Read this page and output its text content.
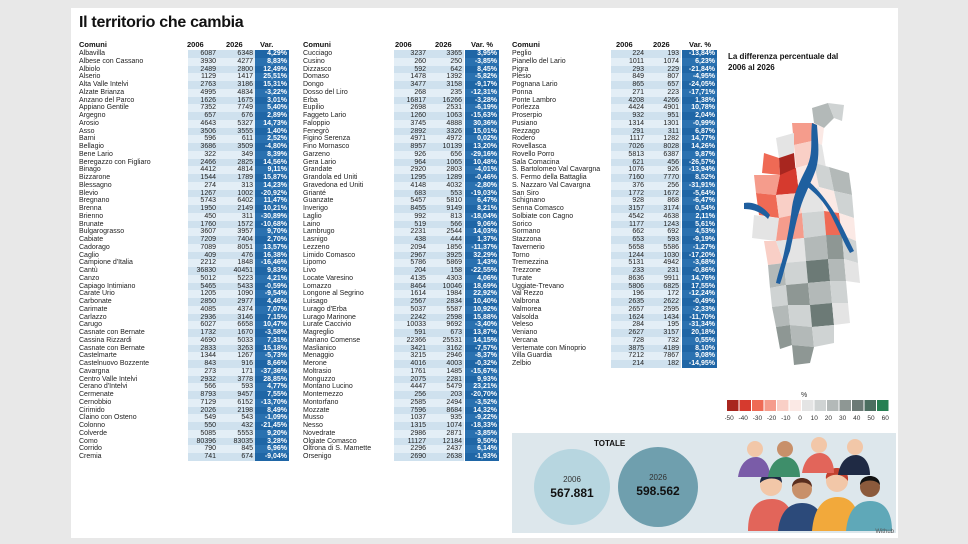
Il territorio che cambia
Comuni	2006	2026 Var.
Albavilla	6087	6348	4,29%
Albese con Cassano	3930	4277	8,83%
Albiolo	2489	2800	12,49%
Alserio	1129	1417	25,51%
Alta Valle Intelvi	2763	3186	15,31%
Alzate Brianza	4995	4834	-3,22%
Anzano del Parco	1626	1675	3,01%
Appiano Gentile	7352	7749	5,40%
Argegno	657	676	2,89%
Arosio	4643	5327	14,73%
Asso	3506	3555	1,40%
Barni	596	611	2,52%
Bellagio	3686	3509	-4,80%
Bene Lario	322	349	8,39%
Beregazzo con Figliaro	2466	2825	14,56%
Binago	4412	4814	9,11%
Bizzarone	1544	1789	15,87%
Blessagno	274	313	14,23%
Blevio	1267	1002	-20,92%
Bregnano	5743	6402	11,47%
Brenna	1950	2149	10,21%
Brienno	450	311	-30,89%
Brunate	1760	1572	-10,68%
Bulgarograsso	3607	3957	9,70%
Cabiate	7209	7404	2,70%
Cadorago	7089	8051	13,57%
Caglio	409	476	16,38%
Campione d'Italia	2212	1848	-16,46%
Cantù	36830	40451	9,83%
Canzo	5012	5223	4,21%
Capiago Intimiano	5465	5433	-0,59%
Carate Urio	1205	1090	-9,54%
Carbonate	2850	2977	4,46%
Carimate	4085	4374	7,07%
Carlazzo	2936	3146	7,15%
Carugo	6027	6658	10,47%
Casnate con Bernate	1732	1670	-3,58%
Cassina Rizzardi	4690	5033	7,31%
Casnate con Bernate	2833	3263	15,18%
Castelmarte	1344	1267	-5,73%
Castelnuovo Bozzente	843	916	8,66%
Cavargna	273	171	-37,36%
Centro Valle Intelvi	2932	3778	28,85%
Cerano d'Intelvi	566	593	4,77%
Cermenate	8793	9457	7,55%
Cernobbio	7129	6152	-13,70%
Cirimido	2026	2198	8,49%
Claino con Osteno	549	543	-1,09%
Colonno	550	432	-21,45%
Colverde	5085	5553	9,20%
Como	80396	83035	3,28%
Corrido	790	845	6,96%
Cremia	741	674	-9,04%
Comuni	2006	2026	Var. %
Cucciago	3237	3365	3,95%
Cusino	260	250	-3,85%
Dizzasco	592	642	8,45%
Domaso	1478	1392	-5,82%
Dongo	3477	3158	-9,17%
Dosso del Liro	268	235	-12,31%
Erba	16817	16266	-3,28%
Eupilio	2698	2531	-6,19%
Faggeto Lario	1260	1063	-15,63%
Faloppio	3745	4888	30,36%
Fenegrò	2892	3326	15,01%
Figino Serenza	4971	4972	0,02%
Fino Mornasco	8957	10139	13,20%
Garzeno	926	656	-29,16%
Gera Lario	964	1065	10,48%
Grandate	2920	2803	-4,01%
Grandola ed Uniti	1295	1289	-0,46%
Gravedona ed Uniti	4148	4032	-2,80%
Grianté	683	553	-19,03%
Guanzate	5457	5810	6,47%
Inverigo	8455	9149	8,21%
Laglio	992	813	-18,04%
Laino	519	566	9,06%
Lambrugo	2231	2544	14,03%
Lasnigo	438	444	1,37%
Lezzeno	2094	1856	-11,37%
Limido Comasco	2967	3925	32,29%
Lipomo	5786	5869	1,43%
Livo	204	158	-22,55%
Locate Varesino	4135	4303	4,06%
Lomazzo	8464	10046	18,69%
Longone al Segrino	1614	1984	22,92%
Luisago	2567	2834	10,40%
Lurago d'Erba	5037	5587	10,92%
Lurago Marinone	2242	2598	15,88%
Lurate Caccivio	10033	9692	-3,40%
Magreglio	591	673	13,87%
Mariano Comense	22366	25531	14,15%
Maslianico	3421	3162	-7,57%
Menaggio	3215	2946	-8,37%
Merone	4016	4003	-0,32%
Moltrasio	1761	1485	-15,67%
Monguzzo	2075	2281	9,93%
Montano Lucino	4447	5479	23,21%
Montemezzo	256	203	-20,70%
Montorfano	2585	2494	-3,52%
Mozzate	7596	8684	14,32%
Musso	1037	935	-9,22%
Nesso	1315	1074	-18,33%
Novedrate	2986	2871	-3,85%
Olgiate Comasco	11127	12184	9,50%
Oltrona di S. Mamette	2296	2437	6,14%
Orsenigo	2690	2638	-1,93%
Comuni	2006	2026	Var. %
Peglio	224	193	-13,84%
Pianello del Lario	1011	1074	6,23%
Pigra	293	229	-21,84%
Plesio	849	807	-4,95%
Pognana Lario	865	657	-24,05%
Ponna	271	223	-17,71%
Ponte Lambro	4208	4266	1,38%
Porlezza	4424	4901	10,78%
Proserpio	932	951	2,04%
Pusiano	1314	1301	-0,99%
Rezzago	291	311	6,87%
Rodero	1117	1282	14,77%
Rovellasca	7026	8028	14,26%
Rovello Porro	5813	6387	9,87%
Sala Comacina	621	456	-26,57%
S. Bartolomeo Val Cavargna	1076	926	-13,94%
S. Fermo della Battaglia	7160	7770	8,52%
S. Nazzaro Val Cavargna	376	256	-31,91%
San Siro	1772	1672	-5,64%
Schignano	928	868	-6,47%
Senna Comasco	3157	3174	0,54%
Solbiate con Cagno	4542	4638	2,11%
Sorico	1177	1243	5,61%
Sormano	662	692	4,53%
Stazzona	653	593	-9,19%
Tavernerio	5658	5586	-1,27%
Torno	1244	1030	-17,20%
Tremezzina	5131	4942	-3,68%
Trezzone	233	231	-0,86%
Turate	8636	9911	14,76%
Uggiate-Trevano	5806	6825	17,55%
Val Rezzo	196	172	-12,24%
Valbrona	2635	2622	-0,49%
Valmorea	2657	2595	-2,33%
Valsolda	1624	1434	-11,70%
Veleso	284	195	-31,34%
Veniano	2627	3157	20,18%
Vercana	728	732	0,55%
Vertemate con Minoprio	3875	4189	8,10%
Villa Guardia	7212	7867	9,08%
Zelbio	214	182	-14,95%
La differenza percentuale dal 2006 al 2026
%
-50 -40 -30 -20 -10 0 10 20 30 40 50 60
TOTALE
2006
567.881
2026
598.562
Withub
